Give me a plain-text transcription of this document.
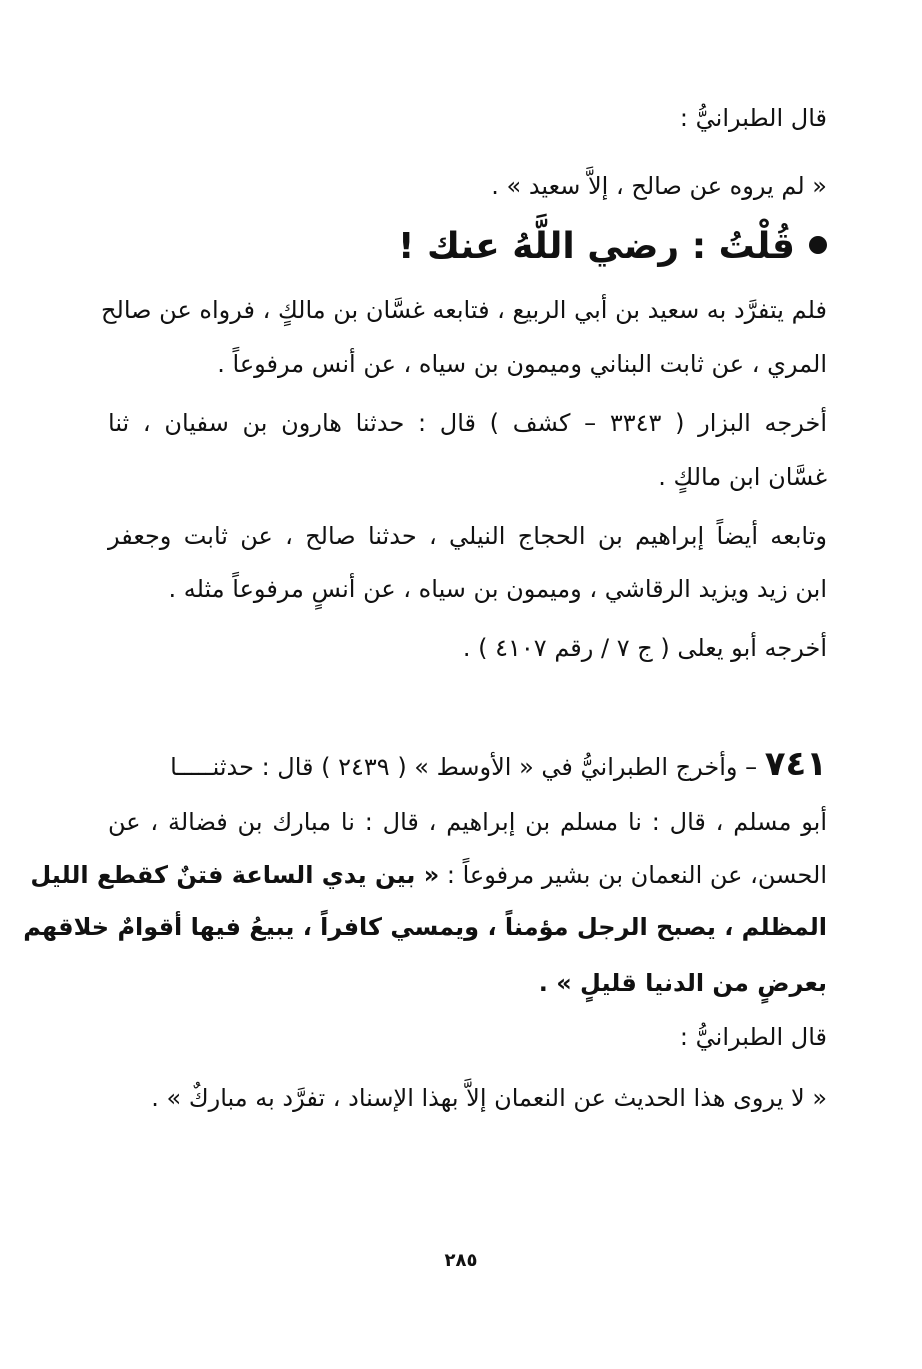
قال الطبرانيُّ :
« لم يروه عن صالح ، إلاَّ سعيد » .
قُلْتُ : رضي اللَّهُ عنك !
فلم يتفرَّد به سعيد بن أبي الربيع ، فتابعه غسَّان بن مالكٍ ، فرواه عن صالح
المري ، عن ثابت البناني وميمون بن سياه ، عن أنس مرفوعاً .
أخرجه البزار ( ٣٣٤٣ – كشف ) قال : حدثنا هارون بن سفيان ، ثنا
غسَّان ابن مالكٍ .
وتابعه أيضاً إبراهيم بن الحجاج النيلي ، حدثنا صالح ، عن ثابت وجعفر
ابن زيد ويزيد الرقاشي ، وميمون بن سياه ، عن أنسٍ مرفوعاً مثله .
أخرجه أبو يعلى ( ج ٧ / رقم ٤١٠٧ ) .
٧٤١ – وأخرج الطبرانيُّ في « الأوسط » ( ٢٤٣٩ ) قال : حدثنـــــا
أبو مسلم ، قال : نا مسلم بن إبراهيم ، قال : نا مبارك بن فضالة ، عن
الحسن، عن النعمان بن بشير مرفوعاً : « بين يدي الساعة فتنٌ كقطع الليل
المظلم ، يصبح الرجل مؤمناً ، ويمسي كافراً ، يبيعُ فيها أقوامٌ خلاقهم
بعرضٍ من الدنيا قليلٍ » .
قال الطبرانيُّ :
« لا يروى هذا الحديث عن النعمان إلاَّ بهذا الإسناد ، تفرَّد به مباركٌ » .
٢٨٥
